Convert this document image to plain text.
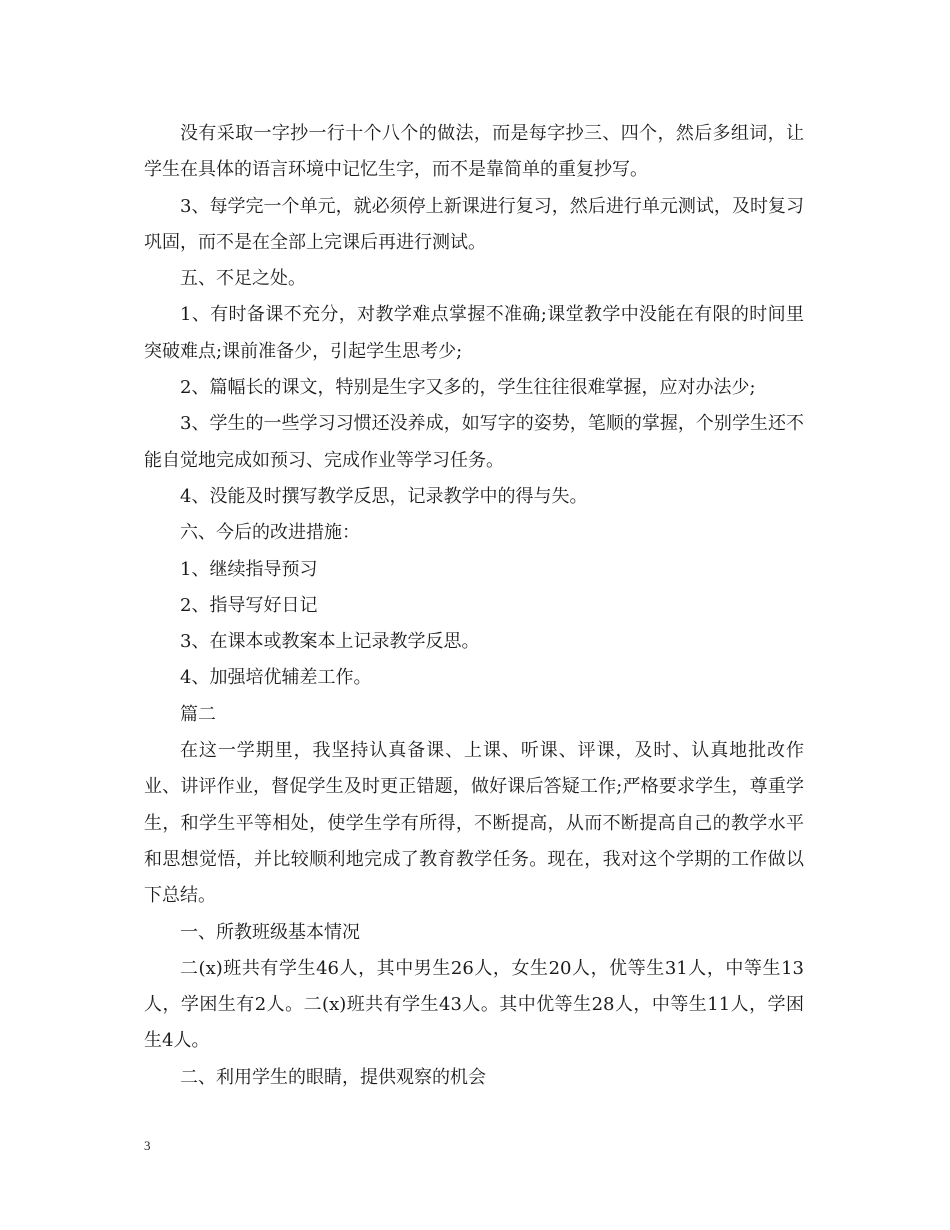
没有采取一字抄一行十个八个的做法，而是每字抄三、四个，然后多组词，让学生在具体的语言环境中记忆生字，而不是靠简单的重复抄写。

3、每学完一个单元，就必须停上新课进行复习，然后进行单元测试，及时复习巩固，而不是在全部上完课后再进行测试。

五、不足之处。

1、有时备课不充分，对教学难点掌握不准确;课堂教学中没能在有限的时间里突破难点;课前准备少，引起学生思考少;

2、篇幅长的课文，特别是生字又多的，学生往往很难掌握，应对办法少;

3、学生的一些学习习惯还没养成，如写字的姿势，笔顺的掌握，个别学生还不能自觉地完成如预习、完成作业等学习任务。

4、没能及时撰写教学反思，记录教学中的得与失。

六、今后的改进措施：

1、继续指导预习

2、指导写好日记

3、在课本或教案本上记录教学反思。

4、加强培优辅差工作。

篇二

在这一学期里，我坚持认真备课、上课、听课、评课，及时、认真地批改作业、讲评作业，督促学生及时更正错题，做好课后答疑工作;严格要求学生，尊重学生，和学生平等相处，使学生学有所得，不断提高，从而不断提高自己的教学水平和思想觉悟，并比较顺利地完成了教育教学任务。现在，我对这个学期的工作做以下总结。

一、所教班级基本情况

二(x)班共有学生46人，其中男生26人，女生20人，优等生31人，中等生13人，学困生有2人。二(x)班共有学生43人。其中优等生28人，中等生11人，学困生4人。

二、利用学生的眼睛，提供观察的机会

3
